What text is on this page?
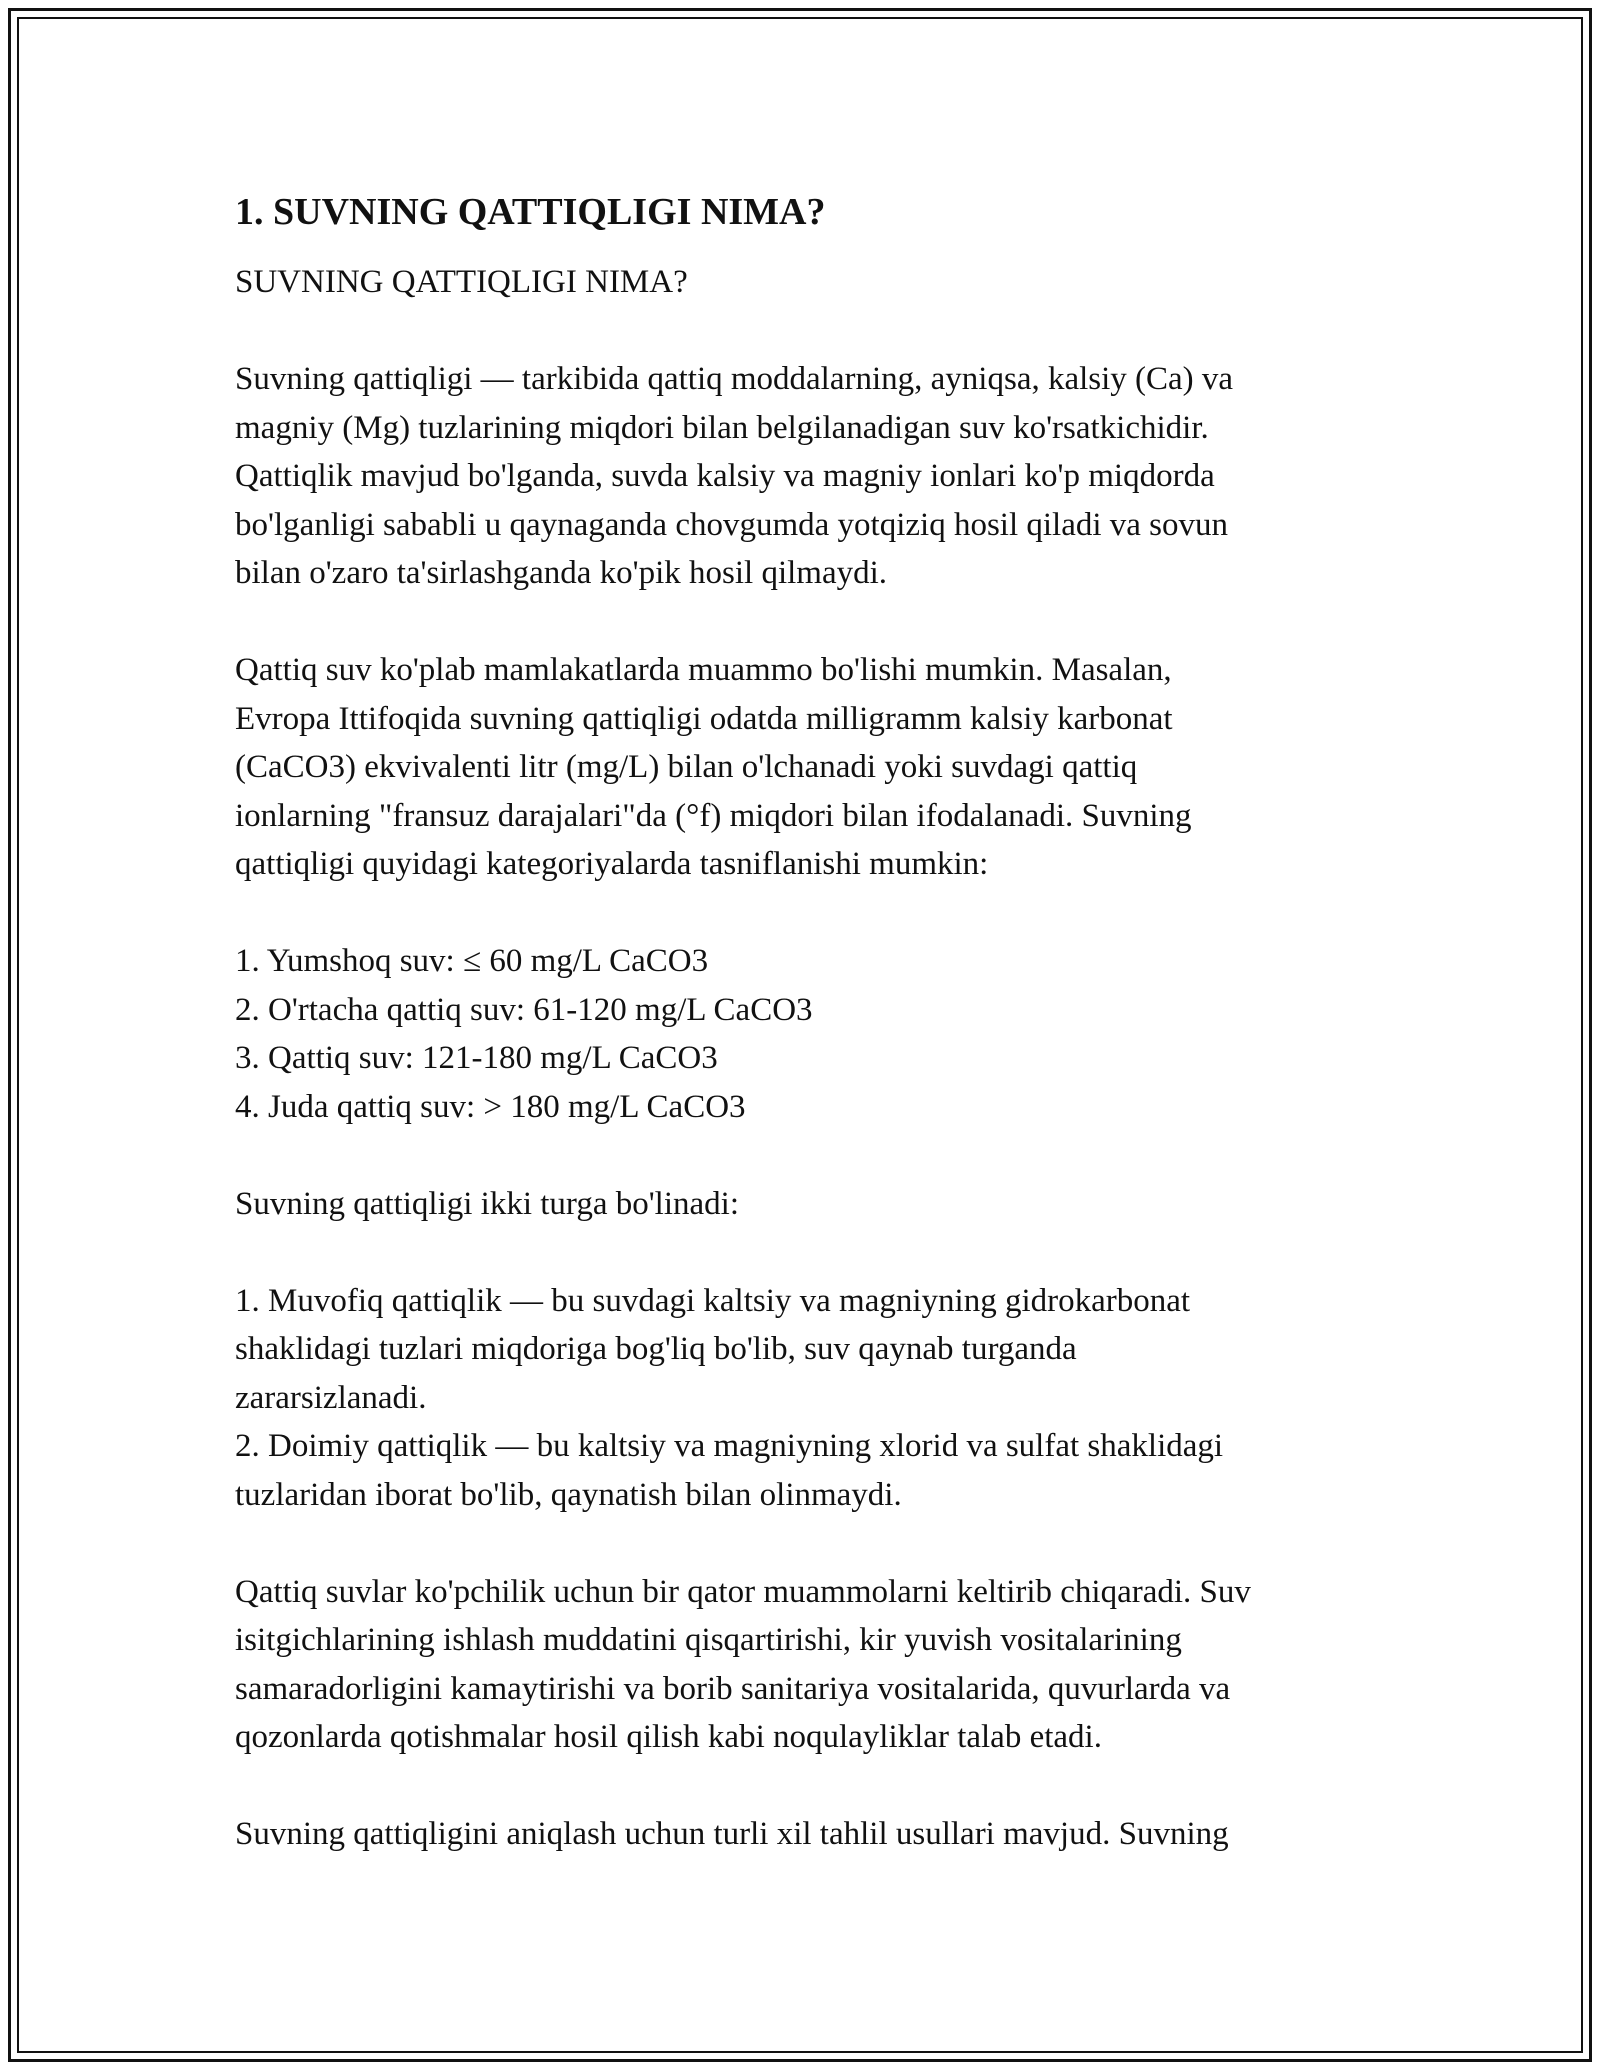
1. SUVNING QATTIQLIGI NIMA?

SUVNING QATTIQLIGI NIMA?

Suvning qattiqligi — tarkibida qattiq moddalarning, ayniqsa, kalsiy (Ca) va
magniy (Mg) tuzlarining miqdori bilan belgilanadigan suv ko'rsatkichidir.
Qattiqlik mavjud bo'lganda, suvda kalsiy va magniy ionlari ko'p miqdorda
bo'lganligi sababli u qaynaganda chovgumda yotqiziq hosil qiladi va sovun
bilan o'zaro ta'sirlashganda ko'pik hosil qilmaydi.

Qattiq suv ko'plab mamlakatlarda muammo bo'lishi mumkin. Masalan,
Evropa Ittifoqida suvning qattiqligi odatda milligramm kalsiy karbonat
(CaCO3) ekvivalenti litr (mg/L) bilan o'lchanadi yoki suvdagi qattiq
ionlarning "fransuz darajalari"da (°f) miqdori bilan ifodalanadi. Suvning
qattiqligi quyidagi kategoriyalarda tasniflanishi mumkin:

1. Yumshoq suv: ≤ 60 mg/L CaCO3
2. O'rtacha qattiq suv: 61-120 mg/L CaCO3
3. Qattiq suv: 121-180 mg/L CaCO3
4. Juda qattiq suv: > 180 mg/L CaCO3

Suvning qattiqligi ikki turga bo'linadi:

1. Muvofiq qattiqlik — bu suvdagi kaltsiy va magniyning gidrokarbonat
shaklidagi tuzlari miqdoriga bog'liq bo'lib, suv qaynab turganda
zararsizlanadi.
2. Doimiy qattiqlik — bu kaltsiy va magniyning xlorid va sulfat shaklidagi
tuzlaridan iborat bo'lib, qaynatish bilan olinmaydi.

Qattiq suvlar ko'pchilik uchun bir qator muammolarni keltirib chiqaradi. Suv
isitgichlarining ishlash muddatini qisqartirishi, kir yuvish vositalarining
samaradorligini kamaytirishi va borib sanitariya vositalarida, quvurlarda va
qozonlarda qotishmalar hosil qilish kabi noqulayliklar talab etadi.

Suvning qattiqligini aniqlash uchun turli xil tahlil usullari mavjud. Suvning
